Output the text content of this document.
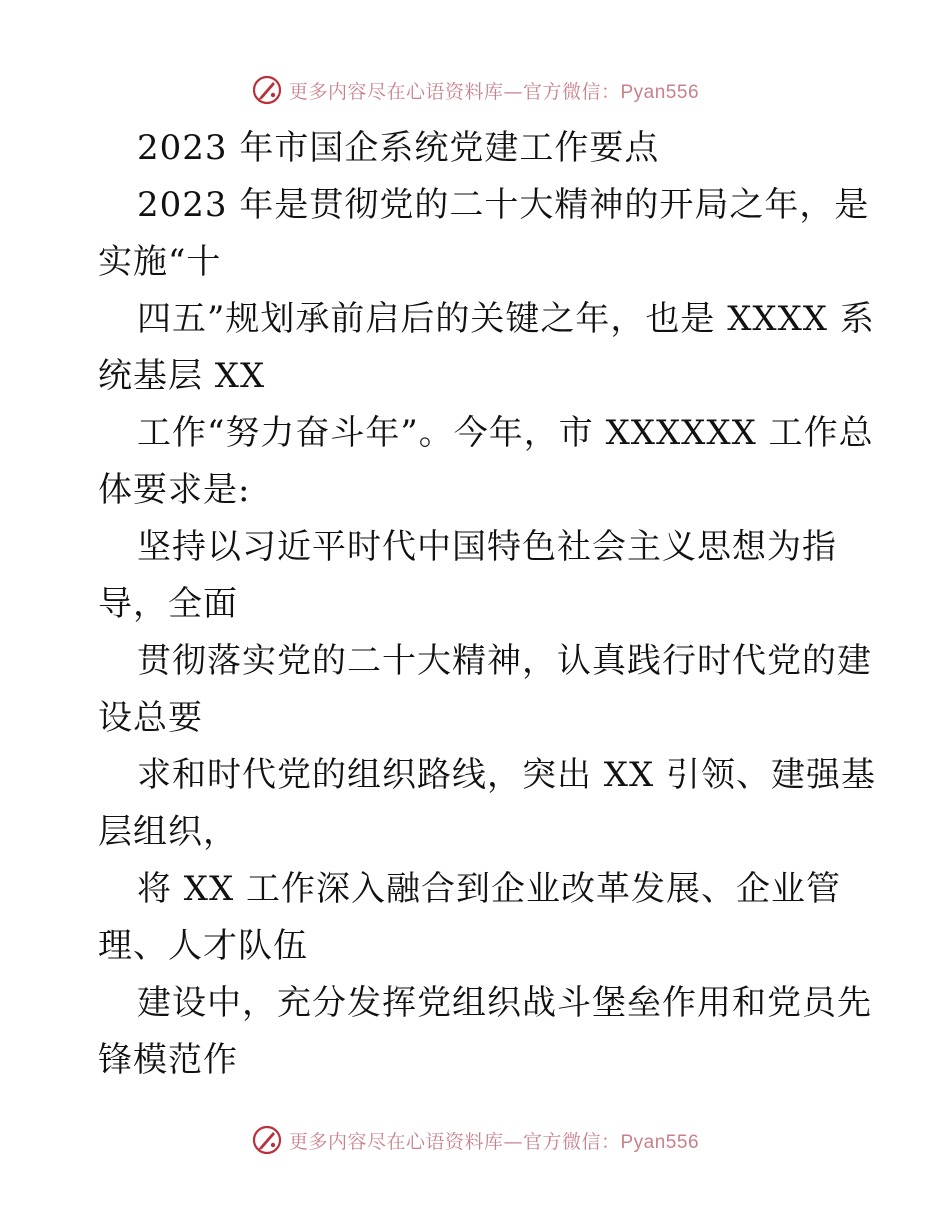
更多内容尽在心语资料库—官方微信：Pyan556
2023 年市国企系统党建工作要点
2023 年是贯彻党的二十大精神的开局之年，是
实施“十
四五”规划承前启后的关键之年，也是 XXXX 系
统基层 XX
工作“努力奋斗年”。今年，市 XXXXXX 工作总
体要求是:
坚持以习近平时代中国特色社会主义思想为指
导，全面
贯彻落实党的二十大精神，认真践行时代党的建
设总要
求和时代党的组织路线，突出 XX 引领、建强基
层组织，
将 XX 工作深入融合到企业改革发展、企业管
理、人才队伍
建设中，充分发挥党组织战斗堡垒作用和党员先
锋模范作
更多内容尽在心语资料库—官方微信：Pyan556
